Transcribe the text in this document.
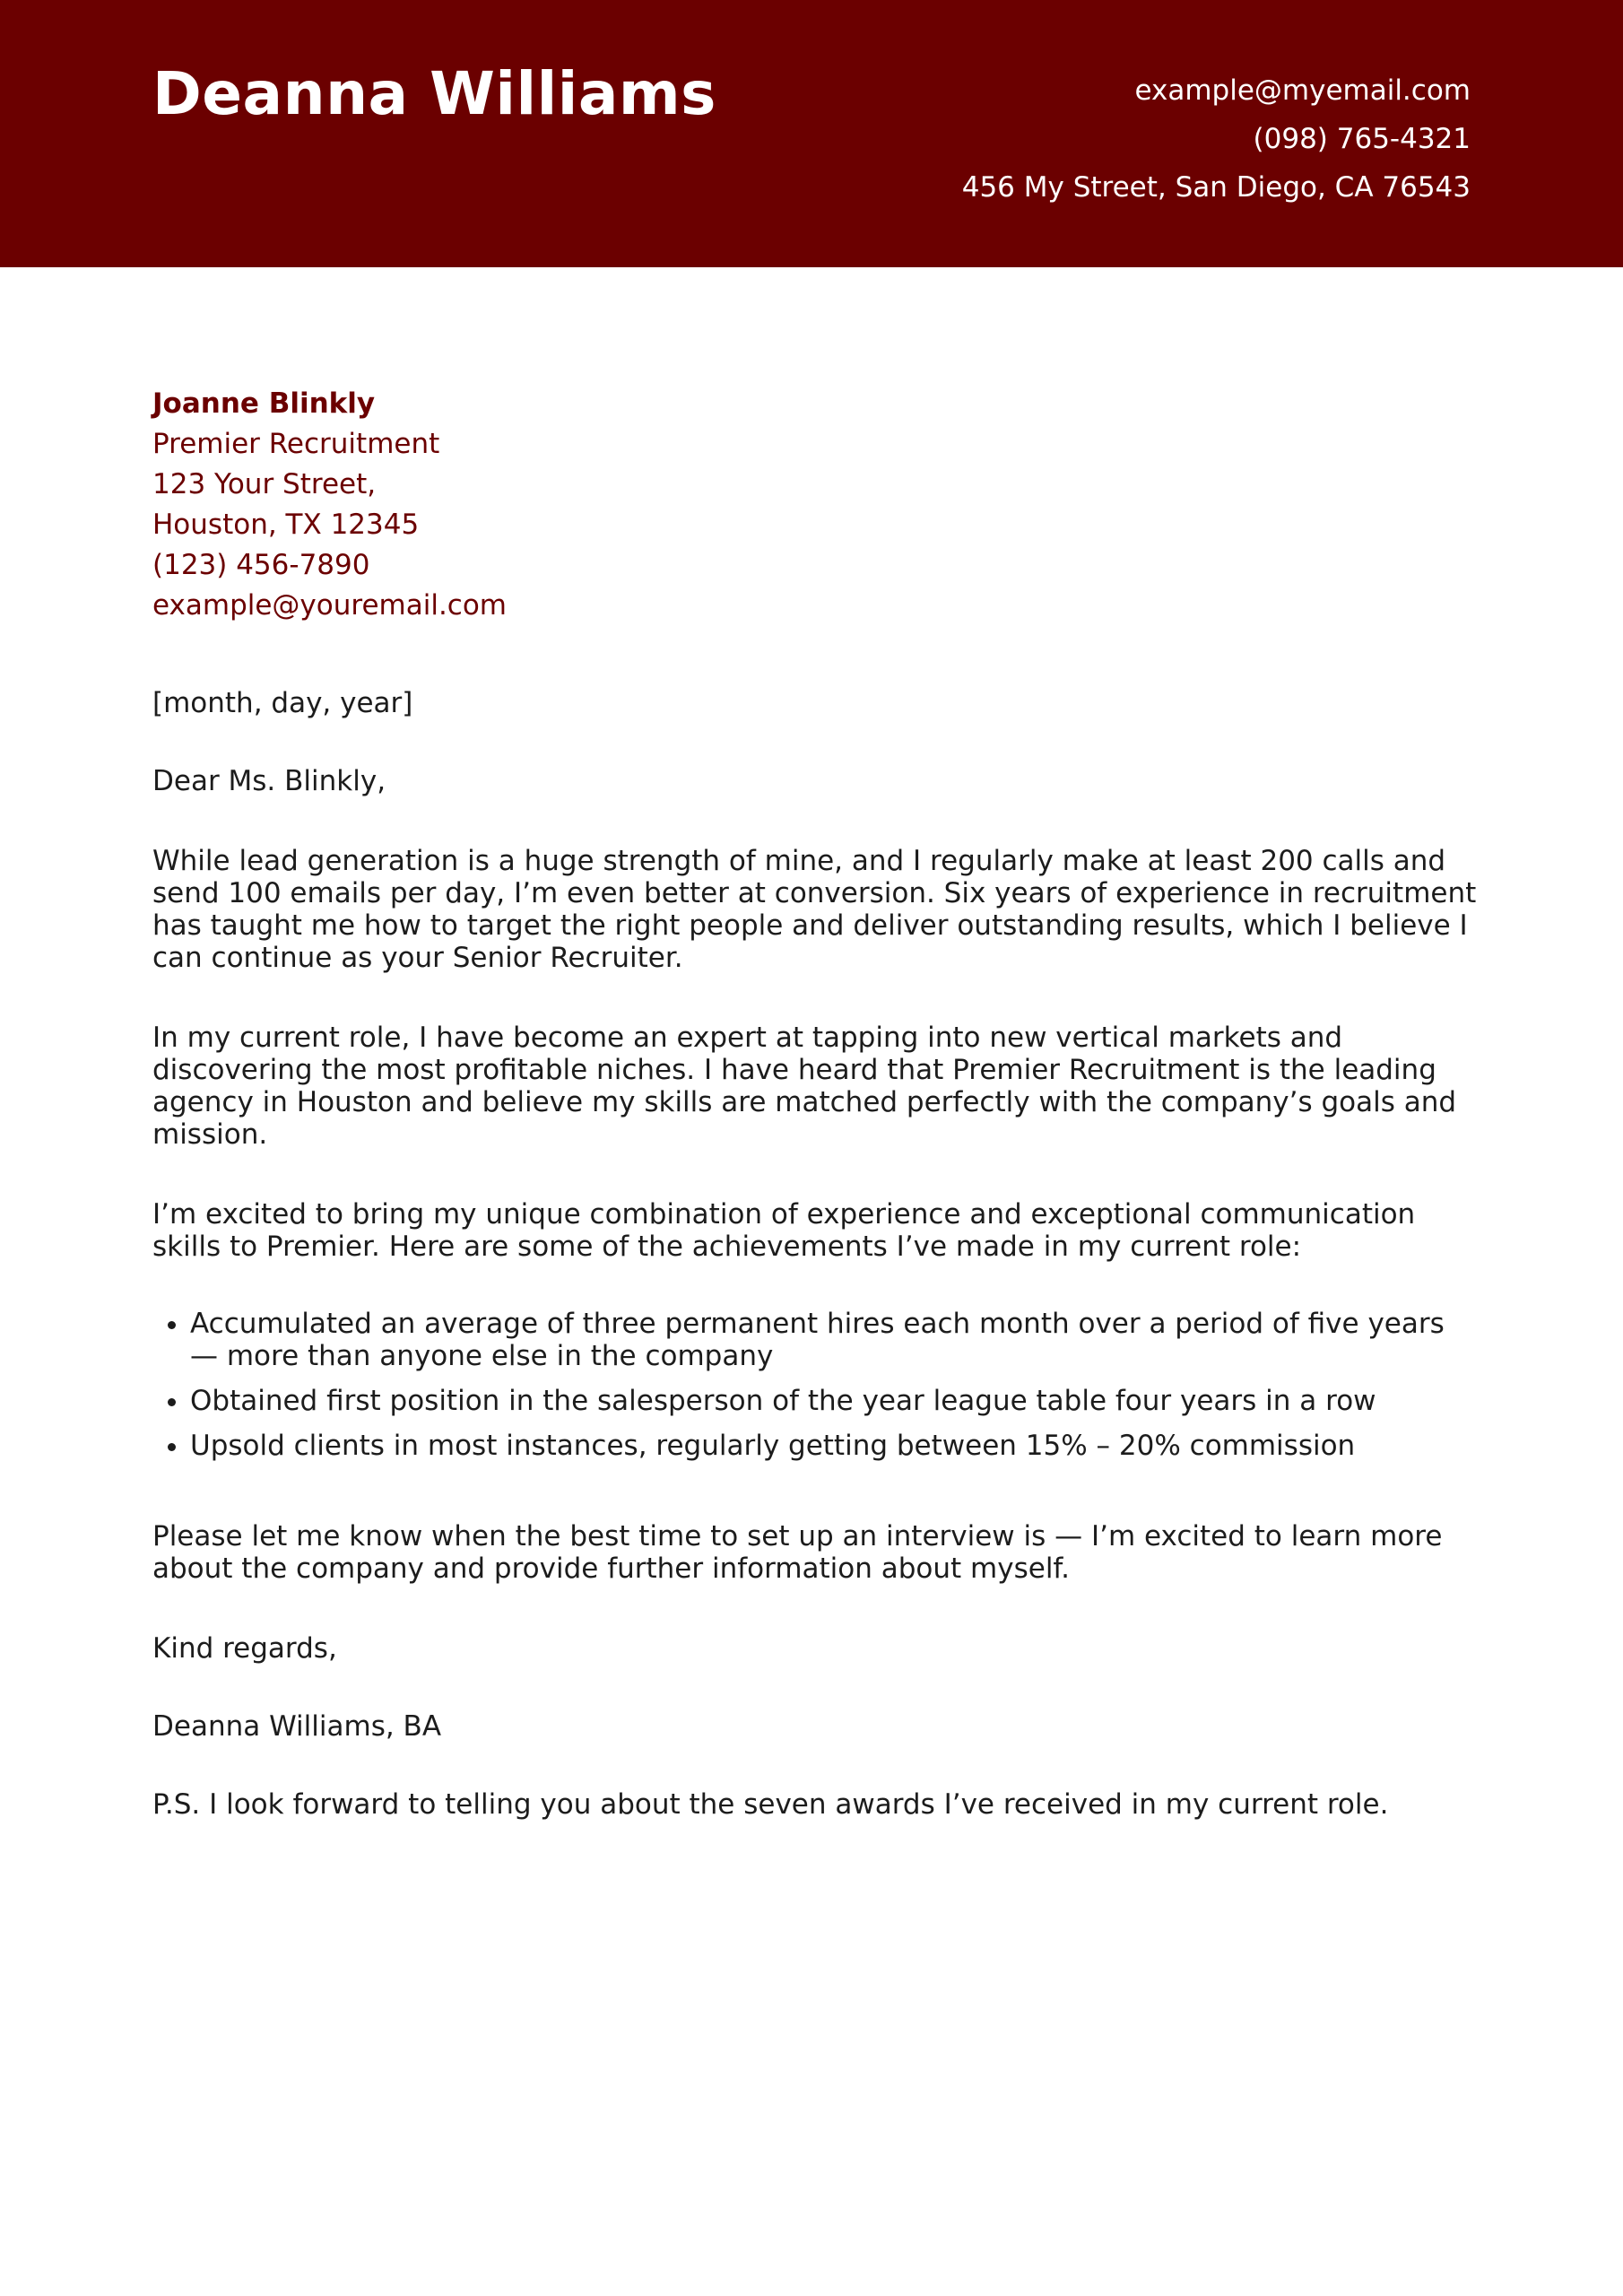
Deanna Williams	example@myemail.com
(098) 765-4321
456 My Street, San Diego, CA 76543
Joanne Blinkly
Premier Recruitment
123 Your Street,
Houston, TX 12345
(123) 456-7890
example@youremail.com

[month, day, year]

Dear Ms. Blinkly,

While lead generation is a huge strength of mine, and I regularly make at least 200 calls and send 100 emails per day, I’m even better at conversion. Six years of experience in recruitment has taught me how to target the right people and deliver outstanding results, which I believe I can continue as your Senior Recruiter.

In my current role, I have become an expert at tapping into new vertical markets and discovering the most profitable niches. I have heard that Premier Recruitment is the leading agency in Houston and believe my skills are matched perfectly with the company’s goals and mission.

I’m excited to bring my unique combination of experience and exceptional communication skills to Premier. Here are some of the achievements I’ve made in my current role:

• Accumulated an average of three permanent hires each month over a period of five years — more than anyone else in the company
• Obtained first position in the salesperson of the year league table four years in a row
• Upsold clients in most instances, regularly getting between 15% – 20% commission

Please let me know when the best time to set up an interview is — I’m excited to learn more about the company and provide further information about myself.

Kind regards,

Deanna Williams, BA

P.S. I look forward to telling you about the seven awards I’ve received in my current role.
